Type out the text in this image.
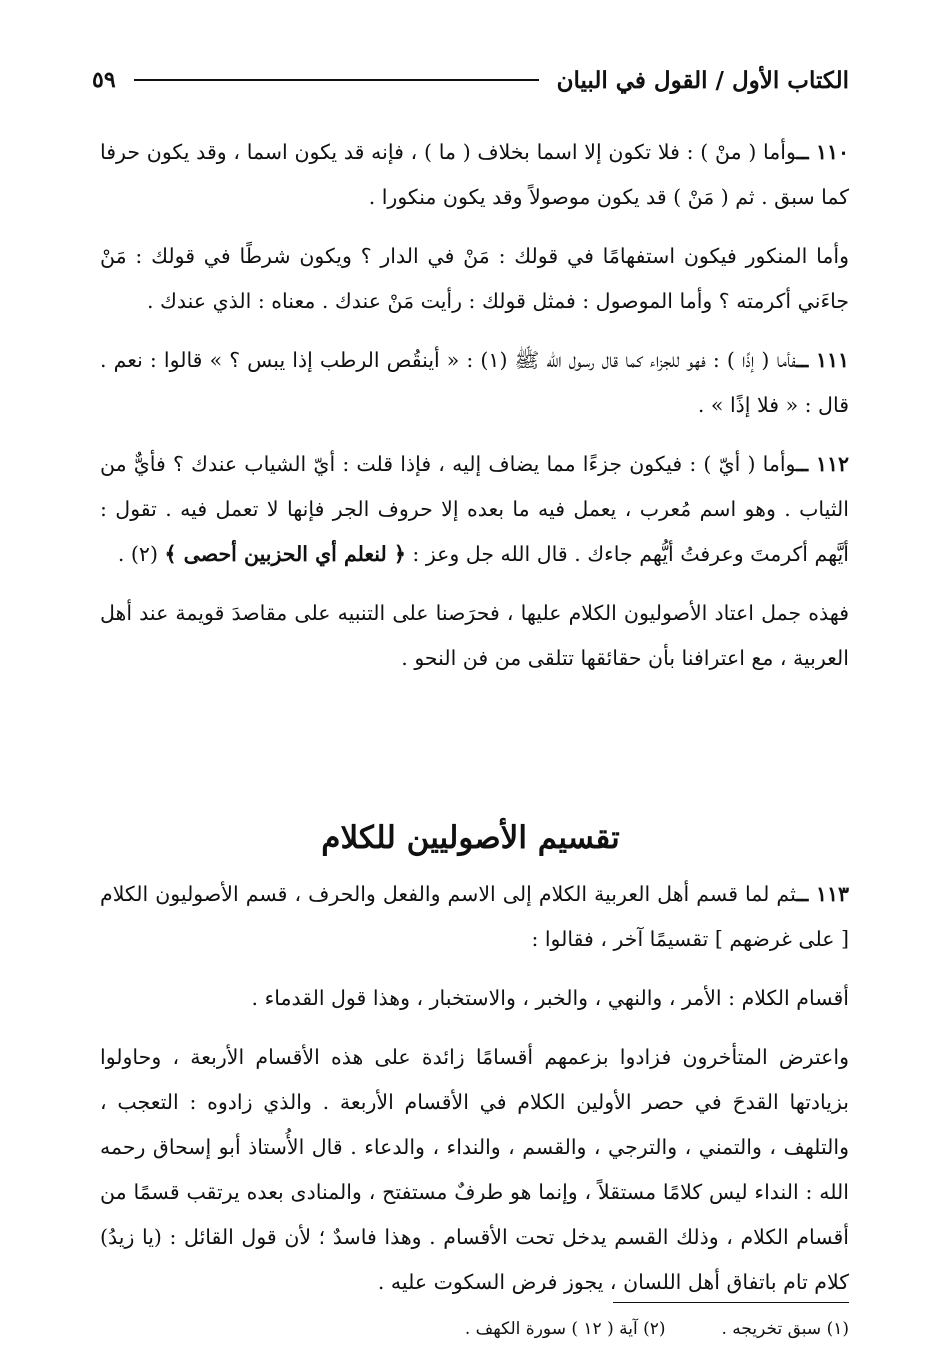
الكتاب الأول / القول في البيان
٥٩

١١٠ ــوأما ( منْ ) : فلا تكون إلا اسما بخلاف ( ما ) ، فإنه قد يكون اسما ، وقد يكون حرفا كما سبق . ثم ( مَنْ ) قد يكون موصولاً وقد يكون منكورا .

وأما المنكور فيكون استفهامًا في قولك : مَنْ في الدار ؟ ويكون شرطًا في قولك : مَنْ جاءَني أكرمته ؟ وأما الموصول : فمثل قولك : رأيت مَنْ عندك . معناه : الذي عندك .

١١١ ــفأما ( إذًا ) : فهو للجزاء كما قال رسول الله ﷺ (١) : « أينقُص الرطب إذا يبس ؟ » قالوا : نعم . قال : « فلا إذًا » .

١١٢ ــوأما ( أيّ ) : فيكون جزءًا مما يضاف إليه ، فإذا قلت : أيّ الشياب عندك ؟ فأيٌّ من الثياب . وهو اسم مُعرب ، يعمل فيه ما بعده إلا حروف الجر فإنها لا تعمل فيه . تقول : أيَّهم أكرمتَ وعرفتُ أيُّهم جاءك . قال الله جل وعز : ﴿ لنعلم أي الحزبين أحصى ﴾ (٢) .

فهذه جمل اعتاد الأصوليون الكلام عليها ، فحرَصنا على التنبيه على مقاصدَ قويمة عند أهل العربية ، مع اعترافنا بأن حقائقها تتلقى من فن النحو .

تقسيم الأصوليين للكلام

١١٣ ــثم لما قسم أهل العربية الكلام إلى الاسم والفعل والحرف ، قسم الأصوليون الكلام [ على غرضهم ] تقسيمًا آخر ، فقالوا :

أقسام الكلام : الأمر ، والنهي ، والخبر ، والاستخبار ، وهذا قول القدماء .

واعترض المتأخرون فزادوا بزعمهم أقسامًا زائدة على هذه الأقسام الأربعة ، وحاولوا بزيادتها القدحَ في حصر الأولين الكلام في الأقسام الأربعة . والذي زادوه : التعجب ، والتلهف ، والتمني ، والترجي ، والقسم ، والنداء ، والدعاء . قال الأُستاذ أبو إسحاق رحمه الله : النداء ليس كلامًا مستقلاً ، وإنما هو طرفٌ مستفتح ، والمنادى بعده يرتقب قسمًا من أقسام الكلام ، وذلك القسم يدخل تحت الأقسام . وهذا فاسدٌ ؛ لأن قول القائل : (يا زيدُ) كلام تام باتفاق أهل اللسان ، يجوز فرض السكوت عليه .

(١) سبق تخريجه .
(٢) آية ( ١٢ ) سورة الكهف .
